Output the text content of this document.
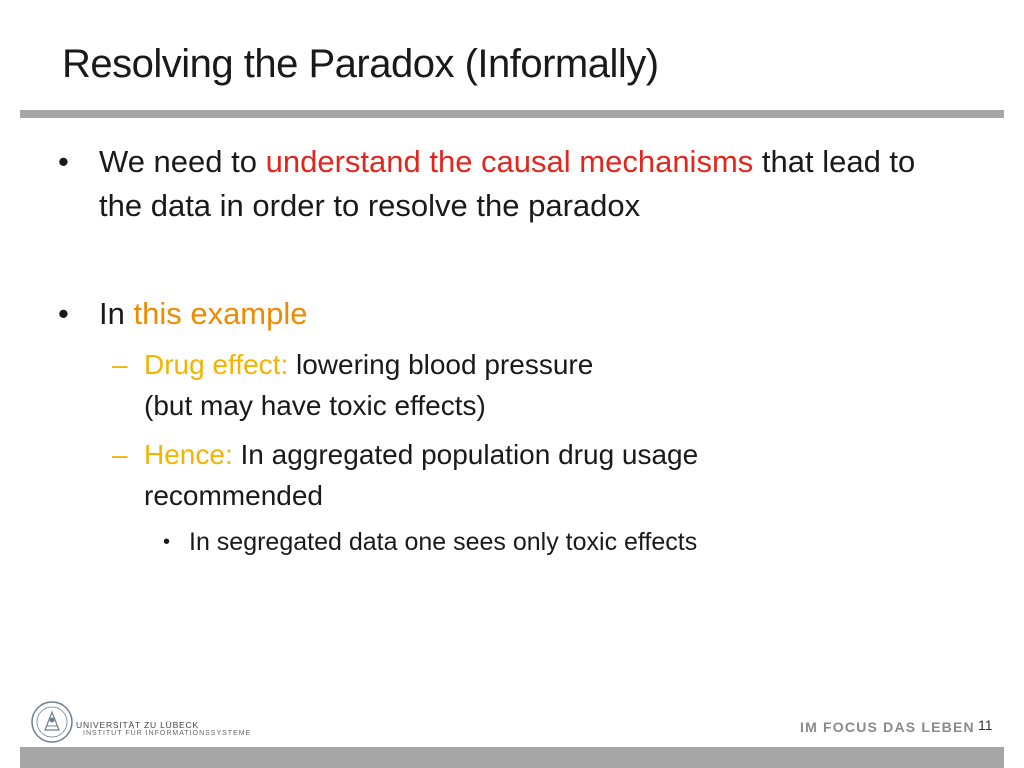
Resolving the Paradox (Informally)
• We need to understand the causal mechanisms that lead to the data in order to resolve the paradox
• In this example
– Drug effect: lowering blood pressure
(but may have toxic effects)
– Hence: In aggregated population drug usage recommended
• In segregated data one sees only toxic effects
UNIVERSITÄT ZU LÜBECK
INSTITUT FÜR INFORMATIONSSYSTEME	IM FOCUS DAS LEBEN 11
